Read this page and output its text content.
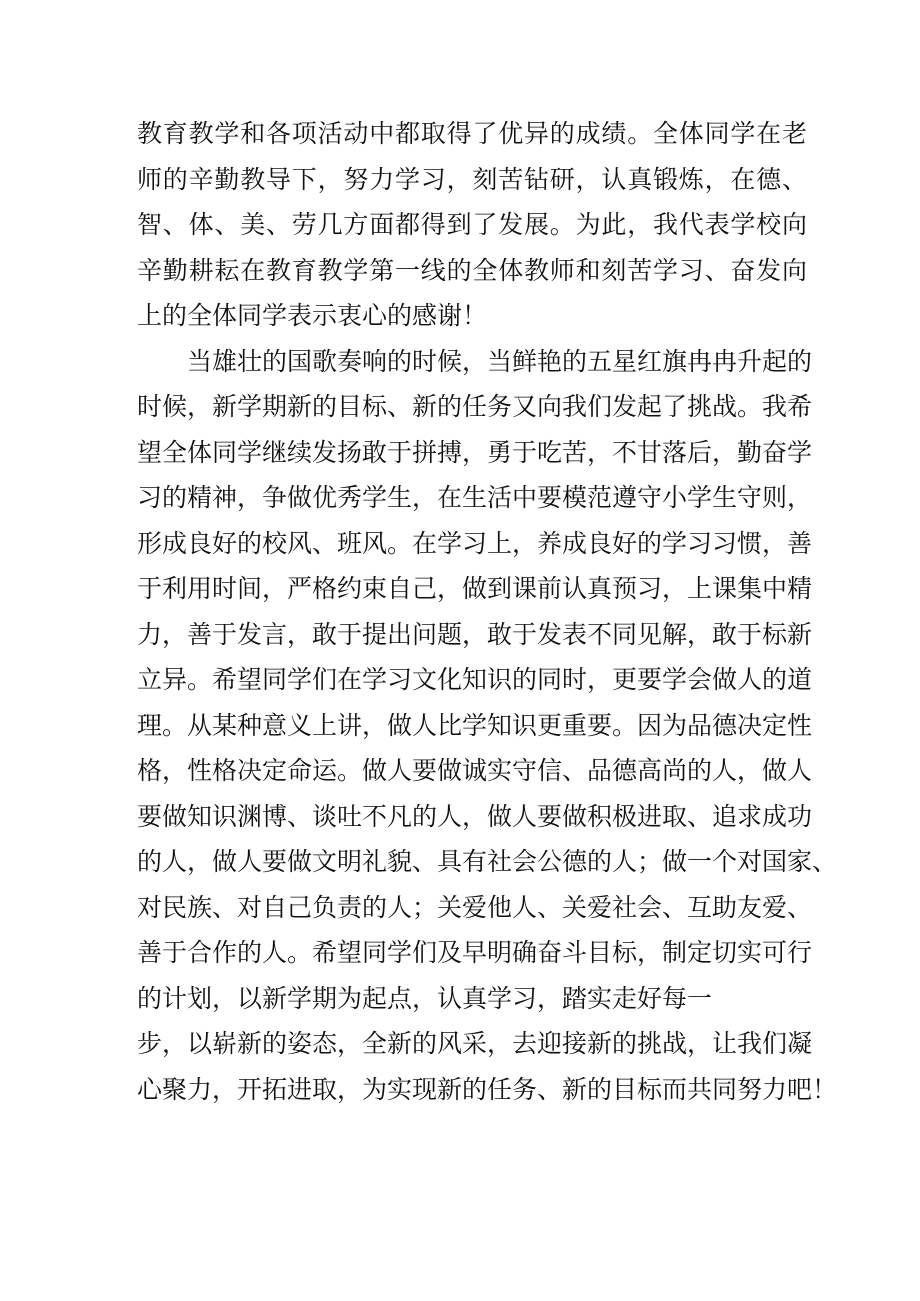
教育教学和各项活动中都取得了优异的成绩。全体同学在老
师的辛勤教导下，努力学习，刻苦钻研，认真锻炼，在德、
智、体、美、劳几方面都得到了发展。为此，我代表学校向
辛勤耕耘在教育教学第一线的全体教师和刻苦学习、奋发向
上的全体同学表示衷心的感谢！
当雄壮的国歌奏响的时候，当鲜艳的五星红旗冉冉升起的
时候，新学期新的目标、新的任务又向我们发起了挑战。我希
望全体同学继续发扬敢于拼搏，勇于吃苦，不甘落后，勤奋学
习的精神，争做优秀学生，在生活中要模范遵守小学生守则，
形成良好的校风、班风。在学习上，养成良好的学习习惯，善
于利用时间，严格约束自己，做到课前认真预习，上课集中精
力，善于发言，敢于提出问题，敢于发表不同见解，敢于标新
立异。希望同学们在学习文化知识的同时，更要学会做人的道
理。从某种意义上讲，做人比学知识更重要。因为品德决定性
格，性格决定命运。做人要做诚实守信、品德高尚的人，做人
要做知识渊博、谈吐不凡的人，做人要做积极进取、追求成功
的人，做人要做文明礼貌、具有社会公德的人；做一个对国家、
对民族、对自己负责的人；关爱他人、关爱社会、互助友爱、
善于合作的人。希望同学们及早明确奋斗目标，制定切实可行
的计划，以新学期为起点，认真学习，踏实走好每一
步，以崭新的姿态，全新的风采，去迎接新的挑战，让我们凝
心聚力，开拓进取，为实现新的任务、新的目标而共同努力吧！
